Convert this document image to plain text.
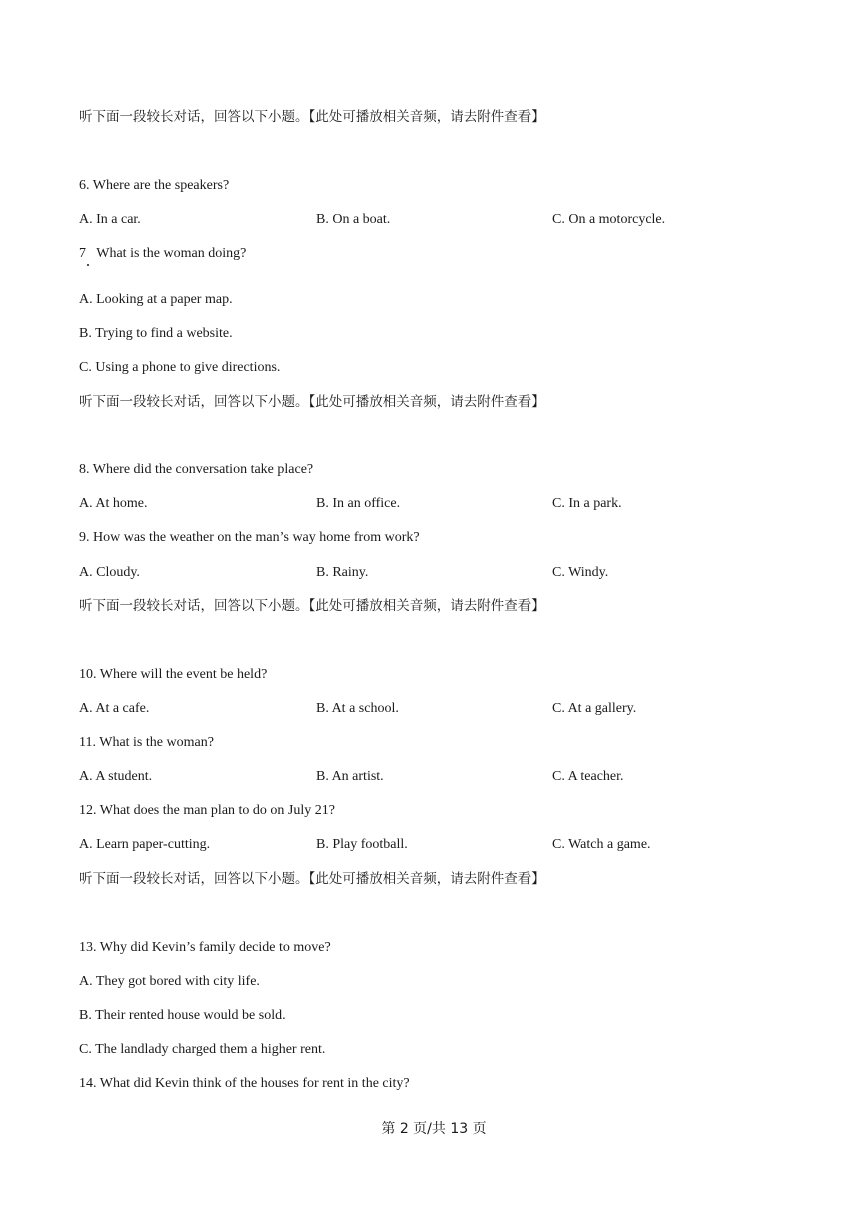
听下面一段较长对话，回答以下小题。【此处可播放相关音频，请去附件查看】
6. Where are the speakers?
A. In a car.	B. On a boat.	C. On a motorcycle.
7   What is the woman doing?
A. Looking at a paper map.
B. Trying to find a website.
C. Using a phone to give directions.
听下面一段较长对话，回答以下小题。【此处可播放相关音频，请去附件查看】
8. Where did the conversation take place?
A. At home.	B. In an office.	C. In a park.
9. How was the weather on the man’s way home from work?
A. Cloudy.	B. Rainy.	C. Windy.
听下面一段较长对话，回答以下小题。【此处可播放相关音频，请去附件查看】
10. Where will the event be held?
A. At a cafe.	B. At a school.	C. At a gallery.
11. What is the woman?
A. A student.	B. An artist.	C. A teacher.
12. What does the man plan to do on July 21?
A. Learn paper-cutting.	B. Play football.	C. Watch a game.
听下面一段较长对话，回答以下小题。【此处可播放相关音频，请去附件查看】
13. Why did Kevin’s family decide to move?
A. They got bored with city life.
B. Their rented house would be sold.
C. The landlady charged them a higher rent.
14. What did Kevin think of the houses for rent in the city?
第 2 页/共 13 页
